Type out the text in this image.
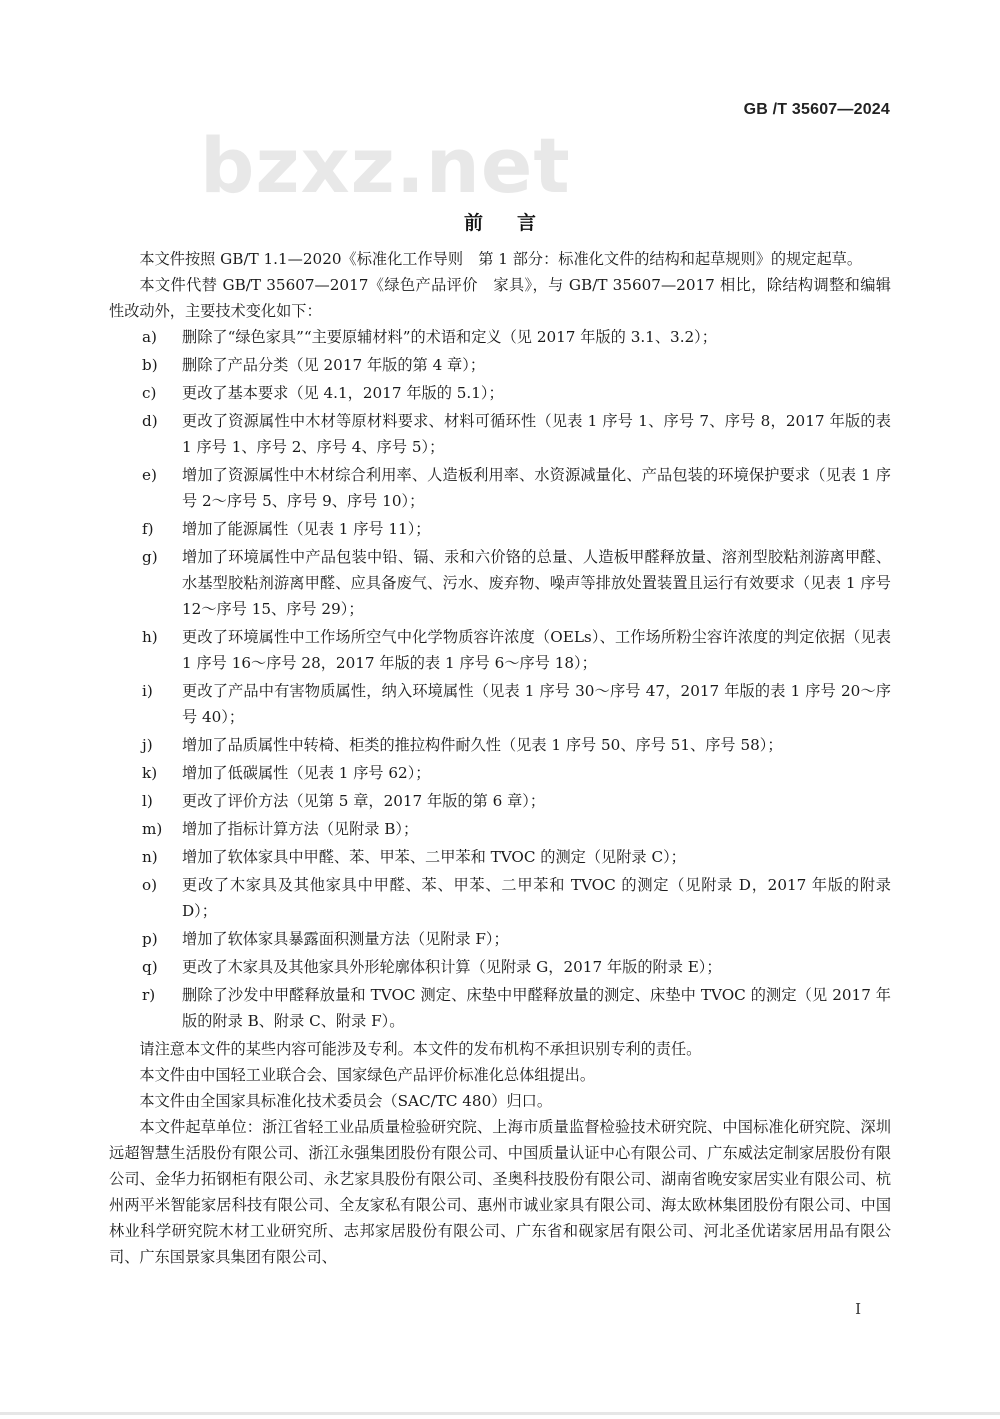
bzxz.net
GB /T 35607—2024
前言

本文件按照 GB/T 1.1—2020《标准化工作导则　第 1 部分：标准化文件的结构和起草规则》的规定起草。

本文件代替 GB/T 35607—2017《绿色产品评价　家具》，与 GB/T 35607—2017 相比，除结构调整和编辑性改动外，主要技术变化如下：

a) 删除了“绿色家具”“主要原辅材料”的术语和定义（见 2017 年版的 3.1、3.2）；
b) 删除了产品分类（见 2017 年版的第 4 章）；
c) 更改了基本要求（见 4.1，2017 年版的 5.1）；
d) 更改了资源属性中木材等原材料要求、材料可循环性（见表 1 序号 1、序号 7、序号 8，2017 年版的表 1 序号 1、序号 2、序号 4、序号 5）；
e) 增加了资源属性中木材综合利用率、人造板利用率、水资源减量化、产品包装的环境保护要求（见表 1 序号 2～序号 5、序号 9、序号 10）；
f) 增加了能源属性（见表 1 序号 11）；
g) 增加了环境属性中产品包装中铅、镉、汞和六价铬的总量、人造板甲醛释放量、溶剂型胶粘剂游离甲醛、水基型胶粘剂游离甲醛、应具备废气、污水、废弃物、噪声等排放处置装置且运行有效要求（见表 1 序号 12～序号 15、序号 29）；
h) 更改了环境属性中工作场所空气中化学物质容许浓度（OELs）、工作场所粉尘容许浓度的判定依据（见表 1 序号 16～序号 28，2017 年版的表 1 序号 6～序号 18）；
i) 更改了产品中有害物质属性，纳入环境属性（见表 1 序号 30～序号 47，2017 年版的表 1 序号 20～序号 40）；
j) 增加了品质属性中转椅、柜类的推拉构件耐久性（见表 1 序号 50、序号 51、序号 58）；
k) 增加了低碳属性（见表 1 序号 62）；
l) 更改了评价方法（见第 5 章，2017 年版的第 6 章）；
m) 增加了指标计算方法（见附录 B）；
n) 增加了软体家具中甲醛、苯、甲苯、二甲苯和 TVOC 的测定（见附录 C）；
o) 更改了木家具及其他家具中甲醛、苯、甲苯、二甲苯和 TVOC 的测定（见附录 D，2017 年版的附录 D）；
p) 增加了软体家具暴露面积测量方法（见附录 F）；
q) 更改了木家具及其他家具外形轮廓体积计算（见附录 G，2017 年版的附录 E）；
r) 删除了沙发中甲醛释放量和 TVOC 测定、床垫中甲醛释放量的测定、床垫中 TVOC 的测定（见 2017 年版的附录 B、附录 C、附录 F）。

请注意本文件的某些内容可能涉及专利。本文件的发布机构不承担识别专利的责任。

本文件由中国轻工业联合会、国家绿色产品评价标准化总体组提出。

本文件由全国家具标准化技术委员会（SAC/TC 480）归口。

本文件起草单位：浙江省轻工业品质量检验研究院、上海市质量监督检验技术研究院、中国标准化研究院、深圳远超智慧生活股份有限公司、浙江永强集团股份有限公司、中国质量认证中心有限公司、广东威法定制家居股份有限公司、金华力拓钢柜有限公司、永艺家具股份有限公司、圣奥科技股份有限公司、湖南省晚安家居实业有限公司、杭州两平米智能家居科技有限公司、全友家私有限公司、惠州市诚业家具有限公司、海太欧林集团股份有限公司、中国林业科学研究院木材工业研究所、志邦家居股份有限公司、广东省和砚家居有限公司、河北圣优诺家居用品有限公司、广东国景家具集团有限公司、

I
